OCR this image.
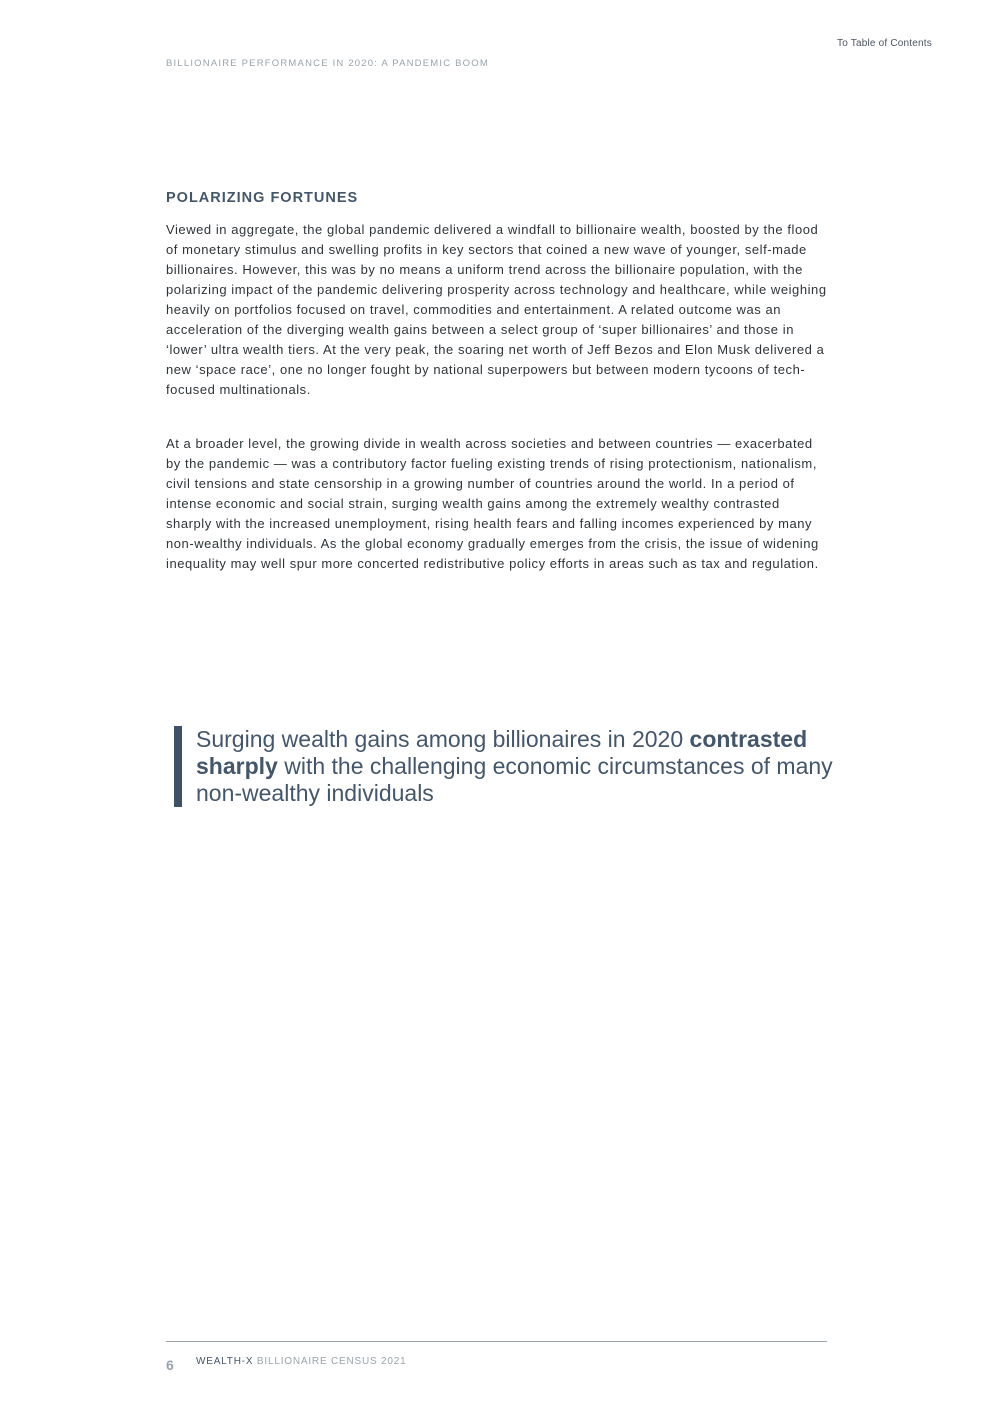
To Table of Contents
BILLIONAIRE PERFORMANCE IN 2020: A PANDEMIC BOOM
POLARIZING FORTUNES

Viewed in aggregate, the global pandemic delivered a windfall to billionaire wealth, boosted by the flood of monetary stimulus and swelling profits in key sectors that coined a new wave of younger, self-made billionaires. However, this was by no means a uniform trend across the billionaire population, with the polarizing impact of the pandemic delivering prosperity across technology and healthcare, while weighing heavily on portfolios focused on travel, commodities and entertainment. A related outcome was an acceleration of the diverging wealth gains between a select group of ‘super billionaires’ and those in ‘lower’ ultra wealth tiers. At the very peak, the soaring net worth of Jeff Bezos and Elon Musk delivered a new ‘space race’, one no longer fought by national superpowers but between modern tycoons of tech-focused multinationals.

At a broader level, the growing divide in wealth across societies and between countries — exacerbated by the pandemic — was a contributory factor fueling existing trends of rising protectionism, nationalism, civil tensions and state censorship in a growing number of countries around the world. In a period of intense economic and social strain, surging wealth gains among the extremely wealthy contrasted sharply with the increased unemployment, rising health fears and falling incomes experienced by many non-wealthy individuals. As the global economy gradually emerges from the crisis, the issue of widening inequality may well spur more concerted redistributive policy efforts in areas such as tax and regulation.

Surging wealth gains among billionaires in 2020 contrasted sharply with the challenging economic circumstances of many non-wealthy individuals
6 WEALTH-X BILLIONAIRE CENSUS 2021
